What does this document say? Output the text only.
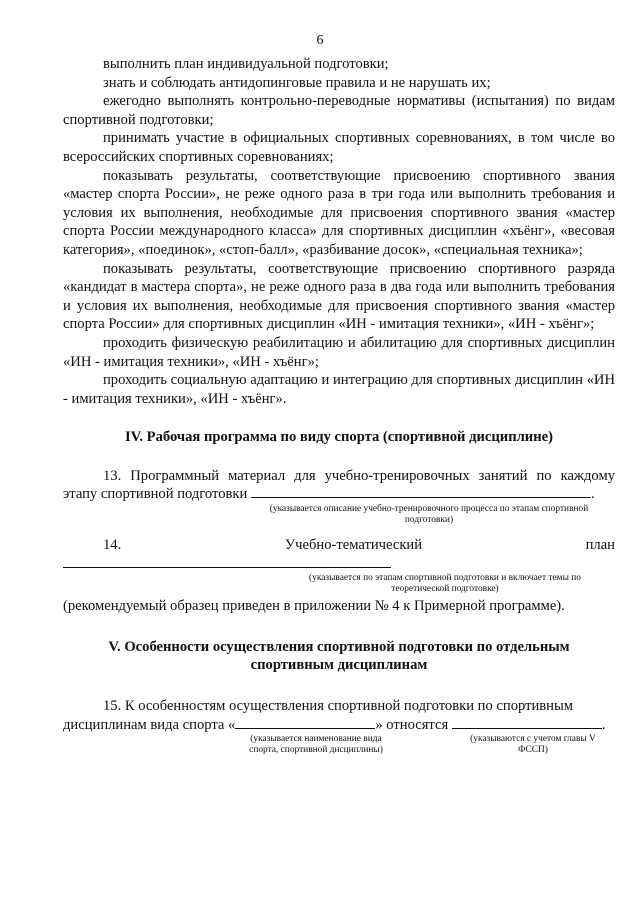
6
выполнить план индивидуальной подготовки;
знать и соблюдать антидопинговые правила и не нарушать их;
ежегодно выполнять контрольно-переводные нормативы (испытания) по видам спортивной подготовки;
принимать участие в официальных спортивных соревнованиях, в том числе во всероссийских спортивных соревнованиях;
показывать результаты, соответствующие присвоению спортивного звания «мастер спорта России», не реже одного раза в три года или выполнить требования и условия их выполнения, необходимые для присвоения спортивного звания «мастер спорта России международного класса» для спортивных дисциплин «хъёнг», «весовая категория», «поединок», «стоп-балл», «разбивание досок», «специальная техника»;
показывать результаты, соответствующие присвоению спортивного разряда «кандидат в мастера спорта», не реже одного раза в два года или выполнить требования и условия их выполнения, необходимые для присвоения спортивного звания «мастер спорта России» для спортивных дисциплин «ИН - имитация техники», «ИН - хъёнг»;
проходить физическую реабилитацию и абилитацию для спортивных дисциплин «ИН - имитация техники», «ИН - хъёнг»;
проходить социальную адаптацию и интеграцию для спортивных дисциплин «ИН - имитация техники», «ИН - хъёнг».
IV. Рабочая программа по виду спорта (спортивной дисциплине)
13. Программный материал для учебно-тренировочных занятий по каждому этапу спортивной подготовки	.
(указывается описание учебно-тренировочного процесса по этапам спортивной подготовки)
14. Учебно-тематический план
(указывается по этапам спортивной подготовки и включает темы по теоретической подготовке)
(рекомендуемый образец приведен в приложении № 4 к Примерной программе).
V. Особенности осуществления спортивной подготовки по отдельным
спортивным дисциплинам
15. К особенностям осуществления спортивной подготовки по спортивным
дисциплинам вида спорта «	» относятся	.
(указывается наименование вида спорта, спортивной дисциплины)
(указываются с учетом главы V ФССП)
